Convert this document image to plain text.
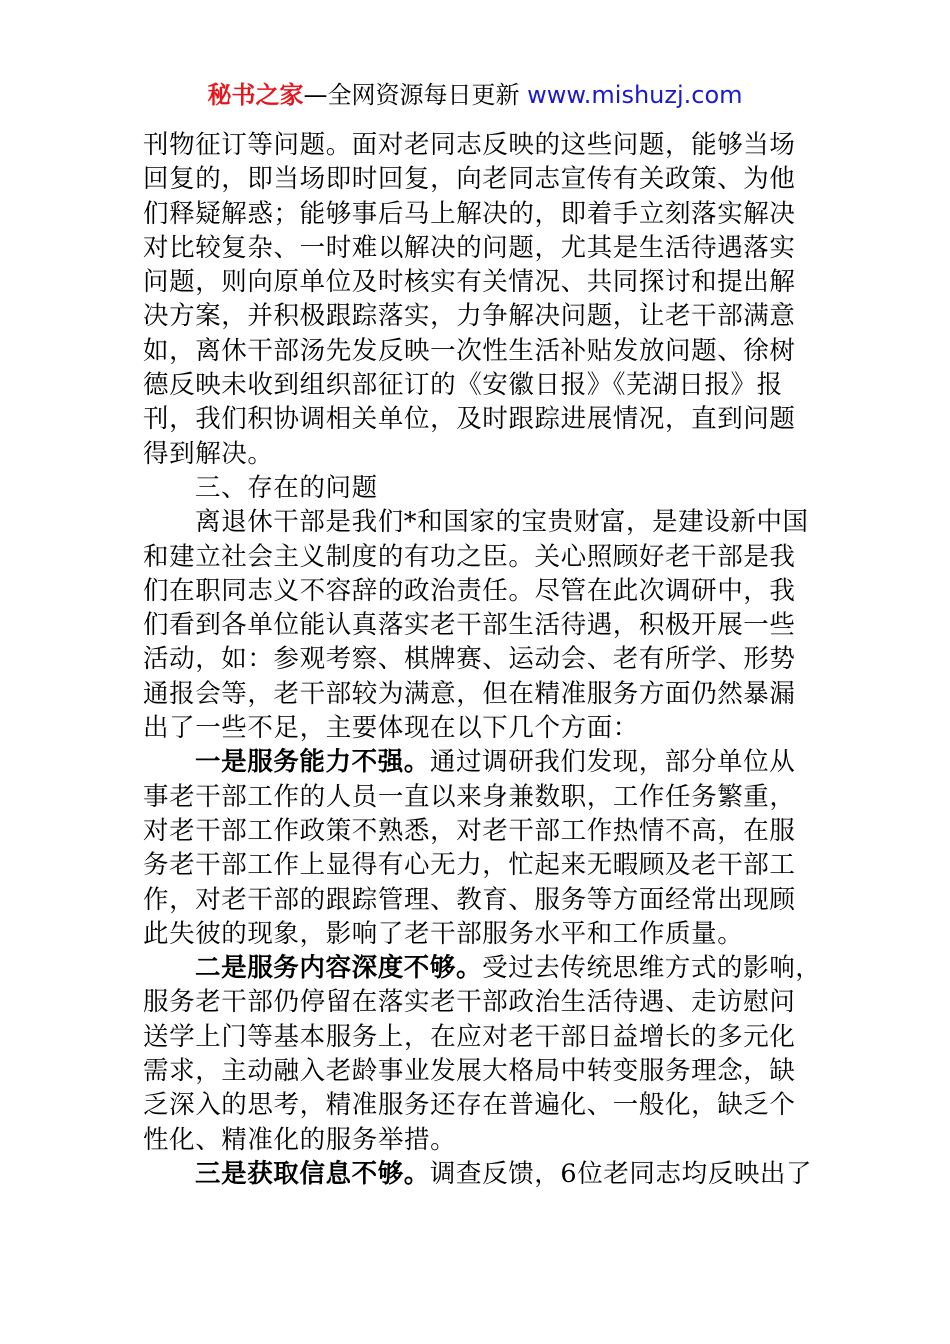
秘书之家—全网资源每日更新 www.mishuzj.com
刊物征订等问题。面对老同志反映的这些问题，能够当场
回复的，即当场即时回复，向老同志宣传有关政策、为他
们释疑解惑；能够事后马上解决的，即着手立刻落实解决
对比较复杂、一时难以解决的问题，尤其是生活待遇落实
问题，则向原单位及时核实有关情况、共同探讨和提出解
决方案，并积极跟踪落实，力争解决问题，让老干部满意
如，离休干部汤先发反映一次性生活补贴发放问题、徐树
德反映未收到组织部征订的《安徽日报》《芜湖日报》报
刊，我们积协调相关单位，及时跟踪进展情况，直到问题
得到解决。
三、存在的问题
离退休干部是我们*和国家的宝贵财富，是建设新中国
和建立社会主义制度的有功之臣。关心照顾好老干部是我
们在职同志义不容辞的政治责任。尽管在此次调研中，我
们看到各单位能认真落实老干部生活待遇，积极开展一些
活动，如：参观考察、棋牌赛、运动会、老有所学、形势
通报会等，老干部较为满意，但在精准服务方面仍然暴漏
出了一些不足，主要体现在以下几个方面：
一是服务能力不强。通过调研我们发现，部分单位从
事老干部工作的人员一直以来身兼数职，工作任务繁重，
对老干部工作政策不熟悉，对老干部工作热情不高，在服
务老干部工作上显得有心无力，忙起来无暇顾及老干部工
作，对老干部的跟踪管理、教育、服务等方面经常出现顾
此失彼的现象，影响了老干部服务水平和工作质量。
二是服务内容深度不够。受过去传统思维方式的影响，
服务老干部仍停留在落实老干部政治生活待遇、走访慰问
送学上门等基本服务上，在应对老干部日益增长的多元化
需求，主动融入老龄事业发展大格局中转变服务理念，缺
乏深入的思考，精准服务还存在普遍化、一般化，缺乏个
性化、精准化的服务举措。
三是获取信息不够。调查反馈，6位老同志均反映出了
